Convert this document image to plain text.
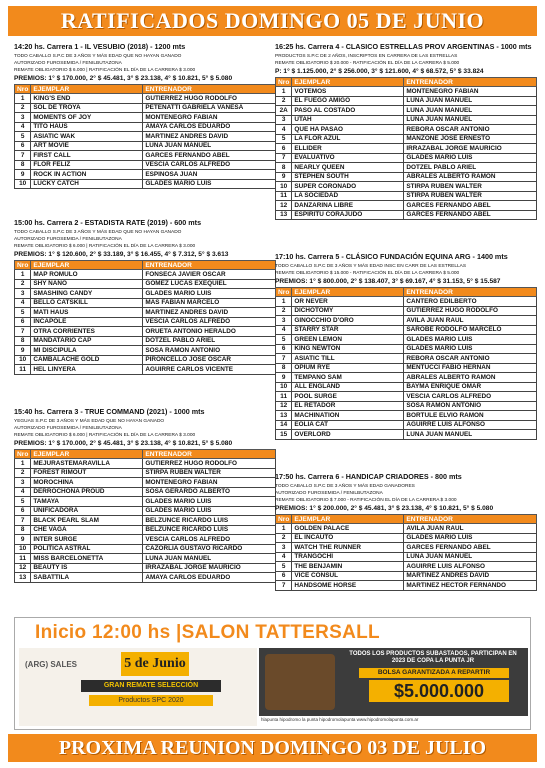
RATIFICADOS DOMINGO 05 DE JUNIO
14:20 hs. Carrera 1 - IL VESUBIO (2018) - 1200 mts
TODO CABALLO S.P.C DE 3 AÑOS Y MÁS EDAD QUE NO HAYAN GANADO
AUTORIZADO FUROSEMIDA / FENILBUTAZONA
REMATE OBLIGATORIO $ 6.000 | RATIFICACIÓN EL DÍA DE LA CARRERA $ 3.000
PREMIOS: 1° $ 170.000, 2° $ 45.481, 3° $ 23.138, 4° $ 10.821, 5° $ 5.080
Nro	EJEMPLAR	ENTRENADOR
1	KING'S END	GUTIERREZ HUGO RODOLFO
2	SOL DE TROYA	PETENATTI GABRIELA VANESA
3	MOMENTS OF JOY	MONTENEGRO FABIAN
4	TITO HAUS	AMAYA CARLOS EDUARDO
5	ASIATIC WAK	MARTINEZ ANDRES DAVID
6	ART MOVIE	LUNA JUAN MANUEL
7	FIRST CALL	GARCES FERNANDO ABEL
8	FLOR FELIZ	VESCIA CARLOS ALFREDO
9	ROCK IN ACTION	ESPINOSA JUAN
10	LUCKY CATCH	GLADES MARIO LUIS
15:00 hs. Carrera 2 - ESTADISTA RATE (2019) - 600 mts
TODO CABALLO S.P.C DE 3 AÑOS Y MÁS EDAD QUE NO HAYAN GANADO
AUTORIZADO FUROSEMIDA / FENILBUTAZONA
REMATE OBLIGATORIO $ 6.000 | RATIFICACIÓN EL DÍA DE LA CARRERA $ 3.000
PREMIOS: 1° $ 120.600, 2° $ 33.189, 3° $ 16.455, 4° $ 7.312, 5° $ 3.613
Nro	EJEMPLAR	ENTRENADOR
1	MAP ROMULO	FONSECA JAVIER OSCAR
2	SHY NANO	GOMEZ LUCAS EXEQUIEL
3	SMASHING CANDY	GLADES MARIO LUIS
4	BELLO CATSKILL	MAS FABIAN MARCELO
5	MATI HAUS	MARTINEZ ANDRES DAVID
6	INCAPOLE	VESCIA CARLOS ALFREDO
7	OTRA CORRIENTES	ORUETA ANTONIO HERALDO
8	MANDATARIO CAP	DOTZEL PABLO ARIEL
9	MI DISCIPULA	SOSA RAMON ANTONIO
10	CAMBALACHE GOLD	PIRONCELLO JOSE OSCAR
11	HEL LINYERA	AGUIRRE CARLOS VICENTE
15:40 hs. Carrera 3 - TRUE COMMAND (2021) - 1000 mts
YEGUAS S.P.C DE 3 AÑOS Y MÁS EDAD QUE NO HAYAN GANADO
AUTORIZADO FUROSEMIDA / FENILBUTAZONA
REMATE OBLIGATORIO $ 6.000 | RATIFICACIÓN EL DÍA DE LA CARRERA $ 3.000
PREMIOS: 1° $ 170.000, 2° $ 45.481, 3° $ 23.138, 4° $ 10.821, 5° $ 5.080
Nro	EJEMPLAR	ENTRENADOR
1	MEJURASTEMARAVILLA	GUTIERREZ HUGO RODOLFO
2	FOREST RIMOUT	STIRPA RUBEN WALTER
3	MOROCHINA	MONTENEGRO FABIAN
4	DERROCHONA PROUD	SOSA GERARDO ALBERTO
5	TAMAYA	GLADES MARIO LUIS
6	UNIFICADORA	GLADES MARIO LUIS
7	BLACK PEARL SLAM	BELZUNCE RICARDO LUIS
8	CHE VAGA	BELZUNCE RICARDO LUIS
9	INTER SURGE	VESCIA CARLOS ALFREDO
10	POLITICA ASTRAL	CAZORLIA GUSTAVO RICARDO
11	MISS BARCELONETTA	LUNA JUAN MANUEL
12	BEAUTY IS	IRRAZABAL JORGE MAURICIO
13	SABATTILA	AMAYA CARLOS EDUARDO
16:25 hs. Carrera 4 - CLASICO ESTRELLAS PROV ARGENTINAS - 1000 mts
PRODUCTOS S.P.C DE 2 AÑOS, INSCRIPTOS EN CARRERA DE LAS ESTRELLAS
REMATE OBLIGATORIO $ 20.000 - RATIFICACIÓN EL DÍA DE LA CARRERA $ 5.000
P: 1° $ 1.125.000, 2° $ 256.000, 3° $ 121.600, 4° $ 68.572, 5° $ 33.824
Nro	EJEMPLAR	ENTRENADOR
1	VOTEMOS	MONTENEGRO FABIAN
2	EL FUEGO AMIGO	LUNA JUAN MANUEL
2A	PASO AL COSTADO	LUNA JUAN MANUEL
3	UTAH	LUNA JUAN MANUEL
4	QUE HA PASAO	REBORA OSCAR ANTONIO
5	LA FLOR AZUL	MANZONE JOSE ERNESTO
6	ELLIDER	IRRAZABAL JORGE MAURICIO
7	EVALUATIVO	GLADES MARIO LUIS
8	NEARLY QUEEN	DOTZEL PABLO ARIEL
9	STEPHEN SOUTH	ABRALES ALBERTO RAMON
10	SUPER CORONADO	STIRPA RUBEN WALTER
11	LA SOCIEDAD	STIRPA RUBEN WALTER
12	DANZARINA LIBRE	GARCES FERNANDO ABEL
13	ESPIRITU CORAJUDO	GARCES FERNANDO ABEL
17:10 hs. Carrera 5 - CLÁSICO FUNDACIÓN EQUINA ARG - 1400 mts
TODO CABALLO S.P.C DE 3 AÑOS Y MÁS EDAD INSC EN CARR DE LAS ESTRELLAS
REMATE OBLIGATORIO $ 15.000 - RATIFICACIÓN EL DÍA DE LA CARRERA $ 5.000
PREMIOS: 1° $ 800.000, 2° $ 138.407, 3° $ 69.167, 4° $ 31.153, 5° $ 15.587
Nro	EJEMPLAR	ENTRENADOR
1	OR NEVER	CANTERO EDILBERTO
2	DICHOTOMY	GUTIERREZ HUGO RODOLFO
3	GINOCCHIO D'ORO	AVILA JUAN RAUL
4	STARRY STAR	SAROBE RODOLFO MARCELO
5	GREEN LEMON	GLADES MARIO LUIS
6	KING NEWTON	GLADES MARIO LUIS
7	ASIATIC TILL	REBORA OSCAR ANTONIO
8	OPIUM RYE	MENTUCCI FABIO HERNAN
9	TEMPANO SAM	ABRALES ALBERTO RAMON
10	ALL ENGLAND	BAYMA ENRIQUE OMAR
11	POOL SURGE	VESCIA CARLOS ALFREDO
12	EL RETADOR	SOSA RAMON ANTONIO
13	MACHINATION	BORTULE ELVIO RAMON
14	EOLIA CAT	AGUIRRE LUIS ALFONSO
15	OVERLORD	LUNA JUAN MANUEL
17:50 hs. Carrera 6 - HANDICAP CRIADORES - 800 mts
TODO CABALLO S.P.C DE 3 AÑOS Y MÁS EDAD GANADORES
AUTORIZADO FUROSEMIDA / FENILBUTAZONA
REMATE OBLIGATORIO $ 7.000 - RATIFICACIÓN EL DÍA DE LA CARRERA $ 3.000
PREMIOS: 1° $ 200.000, 2° $ 45.481, 3° $ 23.138, 4° $ 10.821, 5° $ 5.080
Nro	EJEMPLAR	ENTRENADOR
1	GOLDEN PALACE	AVILA JUAN RAUL
2	EL INCAUTO	GLADES MARIO LUIS
3	WATCH THE RUNNER	GARCES FERNANDO ABEL
4	TRANGOCHI	LUNA JUAN MANUEL
5	THE BENJAMIN	AGUIRRE LUIS ALFONSO
6	VICE CONSUL	MARTINEZ ANDRES DAVID
7	HANDSOME HORSE	MARTINEZ HECTOR FERNANDO
Inicio 12:00 hs |SALON TATTERSALL
(ARG) SALES	5 de Junio
GRAN REMATE SELECCIÓN
Productos SPC 2020
TODOS LOS PRODUCTOS SUBASTADOS, PARTICIPAN EN 2023 DE COPA LA PUNTA JR
BOLSA GARANTIZADA A REPARTIR
$5.000.000
hlapunta hipodromo la punta hipodromolapunta www.hipodromolapunta.com.ar
PROXIMA REUNION DOMINGO 03 DE JULIO
